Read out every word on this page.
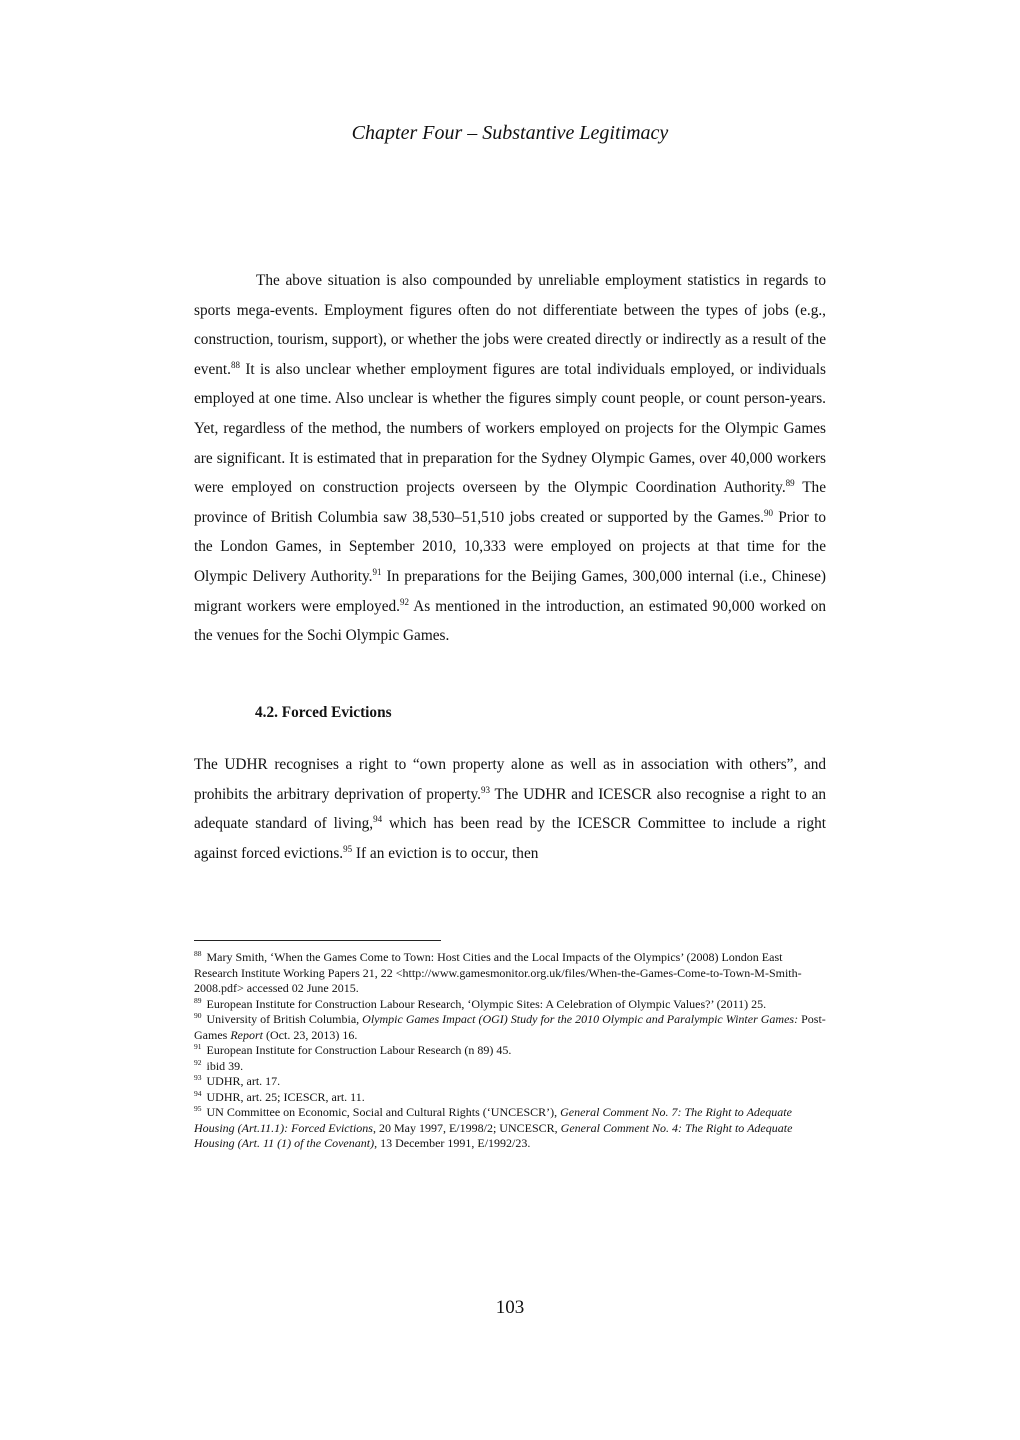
Chapter Four – Substantive Legitimacy

The above situation is also compounded by unreliable employment statistics in regards to sports mega-events. Employment figures often do not differentiate between the types of jobs (e.g., construction, tourism, support), or whether the jobs were created directly or indirectly as a result of the event.$^{88}$ It is also unclear whether employment figures are total individuals employed, or individuals employed at one time. Also unclear is whether the figures simply count people, or count person-years. Yet, regardless of the method, the numbers of workers employed on projects for the Olympic Games are significant. It is estimated that in preparation for the Sydney Olympic Games, over 40,000 workers were employed on construction projects overseen by the Olympic Coordination Authority.$^{89}$ The province of British Columbia saw 38,530–51,510 jobs created or supported by the Games.$^{90}$ Prior to the London Games, in September 2010, 10,333 were employed on projects at that time for the Olympic Delivery Authority.$^{91}$ In preparations for the Beijing Games, 300,000 internal (i.e., Chinese) migrant workers were employed.$^{92}$ As mentioned in the introduction, an estimated 90,000 worked on the venues for the Sochi Olympic Games.

4.2. Forced Evictions

The UDHR recognises a right to “own property alone as well as in association with others”, and prohibits the arbitrary deprivation of property.$^{93}$ The UDHR and ICESCR also recognise a right to an adequate standard of living,$^{94}$ which has been read by the ICESCR Committee to include a right against forced evictions.$^{95}$ If an eviction is to occur, then

$^{88}$ Mary Smith, ‘When the Games Come to Town: Host Cities and the Local Impacts of the Olympics’ (2008) London East Research Institute Working Papers 21, 22 <http://www.gamesmonitor.org.uk/files/When-the-Games-Come-to-Town-M-Smith-2008.pdf> accessed 02 June 2015.

$^{89}$ European Institute for Construction Labour Research, ‘Olympic Sites: A Celebration of Olympic Values?’ (2011) 25.

$^{90}$ University of British Columbia, Olympic Games Impact (OGI) Study for the 2010 Olympic and Paralympic Winter Games: Post-Games Report (Oct. 23, 2013) 16.

$^{91}$ European Institute for Construction Labour Research (n 89) 45.

$^{92}$ ibid 39.

$^{93}$ UDHR, art. 17.

$^{94}$ UDHR, art. 25; ICESCR, art. 11.

$^{95}$ UN Committee on Economic, Social and Cultural Rights (‘UNCESCR’), General Comment No. 7: The Right to Adequate Housing (Art.11.1): Forced Evictions, 20 May 1997, E/1998/2; UNCESCR, General Comment No. 4: The Right to Adequate Housing (Art. 11 (1) of the Covenant), 13 December 1991, E/1992/23.

103
